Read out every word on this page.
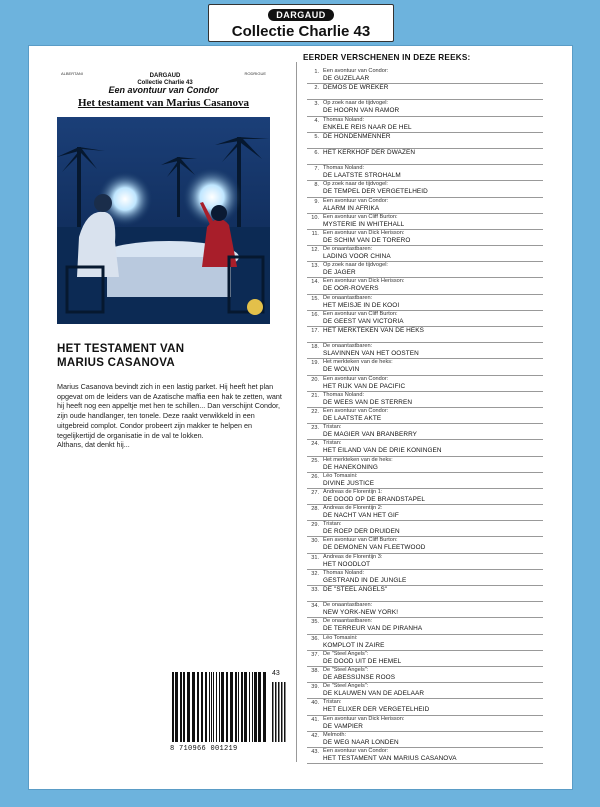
DARGAUD
Collectie Charlie 43
ALBERTANI	RODRIGUE
DARGAUD
Collectie Charlie 43
Een avontuur van Condor
Het testament van Marius Casanova
HET TESTAMENT VAN
MARIUS CASANOVA

Marius Casanova bevindt zich in een lastig parket. Hij heeft het plan opgevat om de leiders van de Azatische maffia een hak te zetten, want hij heeft nog een appeltje met hen te schillen... Dan verschijnt Condor, zijn oude handlanger, ten tonele. Deze raakt verwikkeld in een uitgebreid complot. Condor probeert zijn makker te helpen en tegelijkertijd de organisatie in de val te lokken.

Althans, dat denkt hij...

EERDER VERSCHENEN IN DEZE REEKS:
1. Een avontuur van Condor:
DE GUZELAAR
2. DEMOS DE WREKER
3. Op zoek naar de tijdvogel:
DE HOORN VAN RAMOR
4. Thomas Noland:
ENKELE REIS NAAR DE HEL
5. DE HONDENMENNER
6. HET KERKHOF DER DWAZEN
7. Thomas Noland:
DE LAATSTE STROHALM
8. Op zoek naar de tijdvogel:
DE TEMPEL DER VERGETELHEID
9. Een avontuur van Condor:
ALARM IN AFRIKA
10. Een avontuur van Cliff Burton:
MYSTERIE IN WHITEHALL
11. Een avontuur van Dick Herisson:
DE SCHIM VAN DE TORERO
12. De onaantastbaren:
LADING VOOR CHINA
13. Op zoek naar de tijdvogel:
DE JAGER
14. Een avontuur van Dick Herisson:
DE OOR-ROVERS
15. De onaantastbaren:
HET MEISJE IN DE KOOI
16. Een avontuur van Cliff Burton:
DE GEEST VAN VICTORIA
17. HET MERKTEKEN VAN DE HEKS
18. De onaantastbaren:
SLAVINNEN VAN HET OOSTEN
19. Het merkteken van de heks:
DE WOLVIN
20. Een avontuur van Condor:
HET RIJK VAN DE PACIFIC
21. Thomas Noland:
DE WEES VAN DE STERREN
22. Een avontuur van Condor:
DE LAATSTE AKTE
23. Tristan:
DE MAGIER VAN BRANBERRY
24. Tristan:
HET EILAND VAN DE DRIE KONINGEN
25. Het merkteken van de heks:
DE HANEKONING
26. Léo Tomasini:
DIVINE JUSTICE
27. Andreas de Florentijn 1:
DE DOOD OP DE BRANDSTAPEL
28. Andreas de Florentijn 2:
DE NACHT VAN HET GIF
29. Tristan:
DE ROEP DER DRUIDEN
30. Een avontuur van Cliff Burton:
DE DEMONEN VAN FLEETWOOD
31. Andreas de Florentijn 3:
HET NOODLOT
32. Thomas Noland:
GESTRAND IN DE JUNGLE
33. DE "STEEL ANGELS"
34. De onaantastbaren:
NEW YORK-NEW YORK!
35. De onaantastbaren:
DE TERREUR VAN DE PIRANHA
36. Léo Tomasini:
KOMPLOT IN ZAIRE
37. De "Steel Angels":
DE DOOD UIT DE HEMEL
38. De "Steel Angels":
DE ABESSIJNSE ROOS
39. De "Steel Angels":
DE KLAUWEN VAN DE ADELAAR
40. Tristan:
HET ELIXER DER VERGETELHEID
41. Een avontuur van Dick Herisson:
DE VAMPIER
42. Melmoth:
DE WEG NAAR LONDEN
43. Een avontuur van Condor:
HET TESTAMENT VAN MARIUS CASANOVA
8 710966 001219
43
